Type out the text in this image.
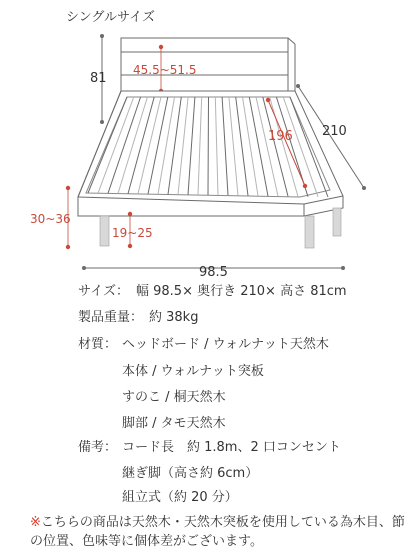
シングルサイズ
81
45.5~51.5
210
196
30~36
19~25
98.5
サイズ： 幅 98.5× 奥行き 210× 高さ 81cm
製品重量： 約 38kg
材質： ヘッドボード / ウォルナット天然木
本体 / ウォルナット突板
すのこ / 桐天然木
脚部 / タモ天然木
備考： コード長　約 1.8m、2 口コンセント
継ぎ脚（高さ約 6cm）
組立式（約 20 分）
※こちらの商品は天然木・天然木突板を使用している為木目、節の位置、色味等に個体差がございます。
